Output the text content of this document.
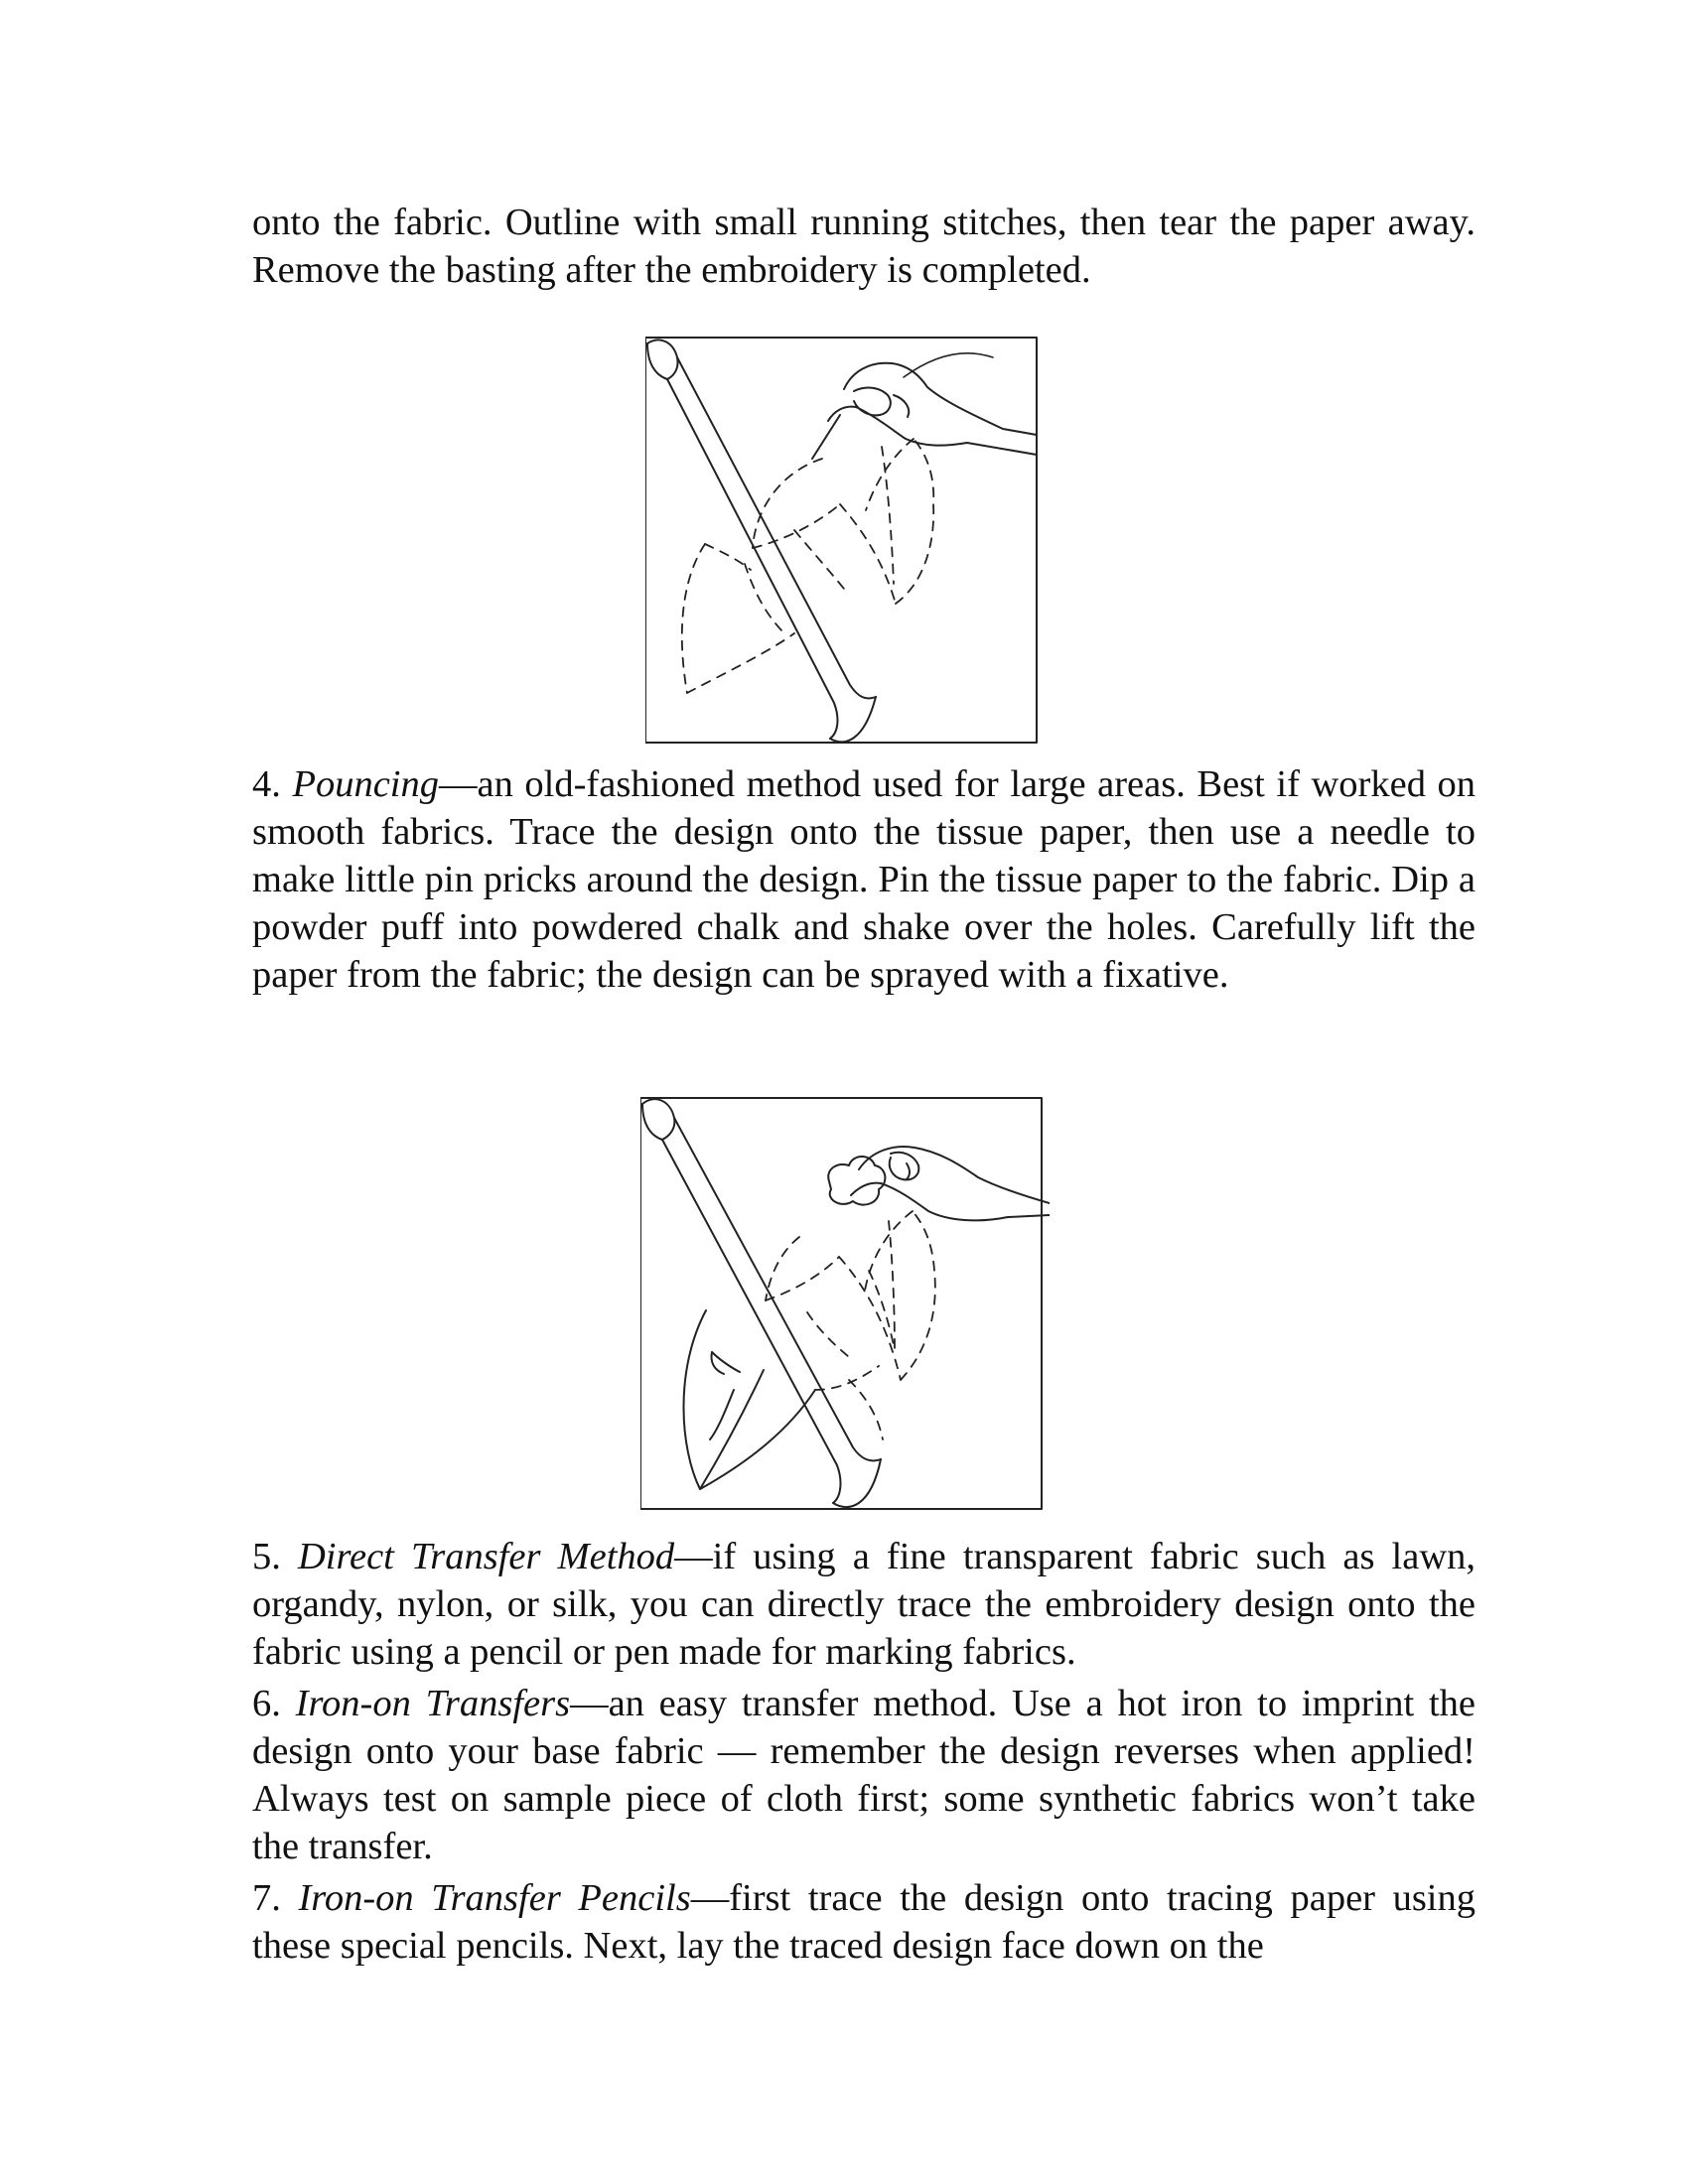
onto the fabric. Outline with small running stitches, then tear the paper away. Remove the basting after the embroidery is completed.

4. Pouncing—an old-fashioned method used for large areas. Best if worked on smooth fabrics. Trace the design onto the tissue paper, then use a needle to make little pin pricks around the design. Pin the tissue paper to the fabric. Dip a powder puff into powdered chalk and shake over the holes. Carefully lift the paper from the fabric; the design can be sprayed with a fixative.

5. Direct Transfer Method—if using a fine transparent fabric such as lawn, organdy, nylon, or silk, you can directly trace the embroidery design onto the fabric using a pencil or pen made for marking fabrics.

6. Iron-on Transfers—an easy transfer method. Use a hot iron to imprint the design onto your base fabric — remember the design reverses when applied! Always test on sample piece of cloth first; some synthetic fabrics won’t take the transfer.

7. Iron-on Transfer Pencils—first trace the design onto tracing paper using these special pencils. Next, lay the traced design face down on the
